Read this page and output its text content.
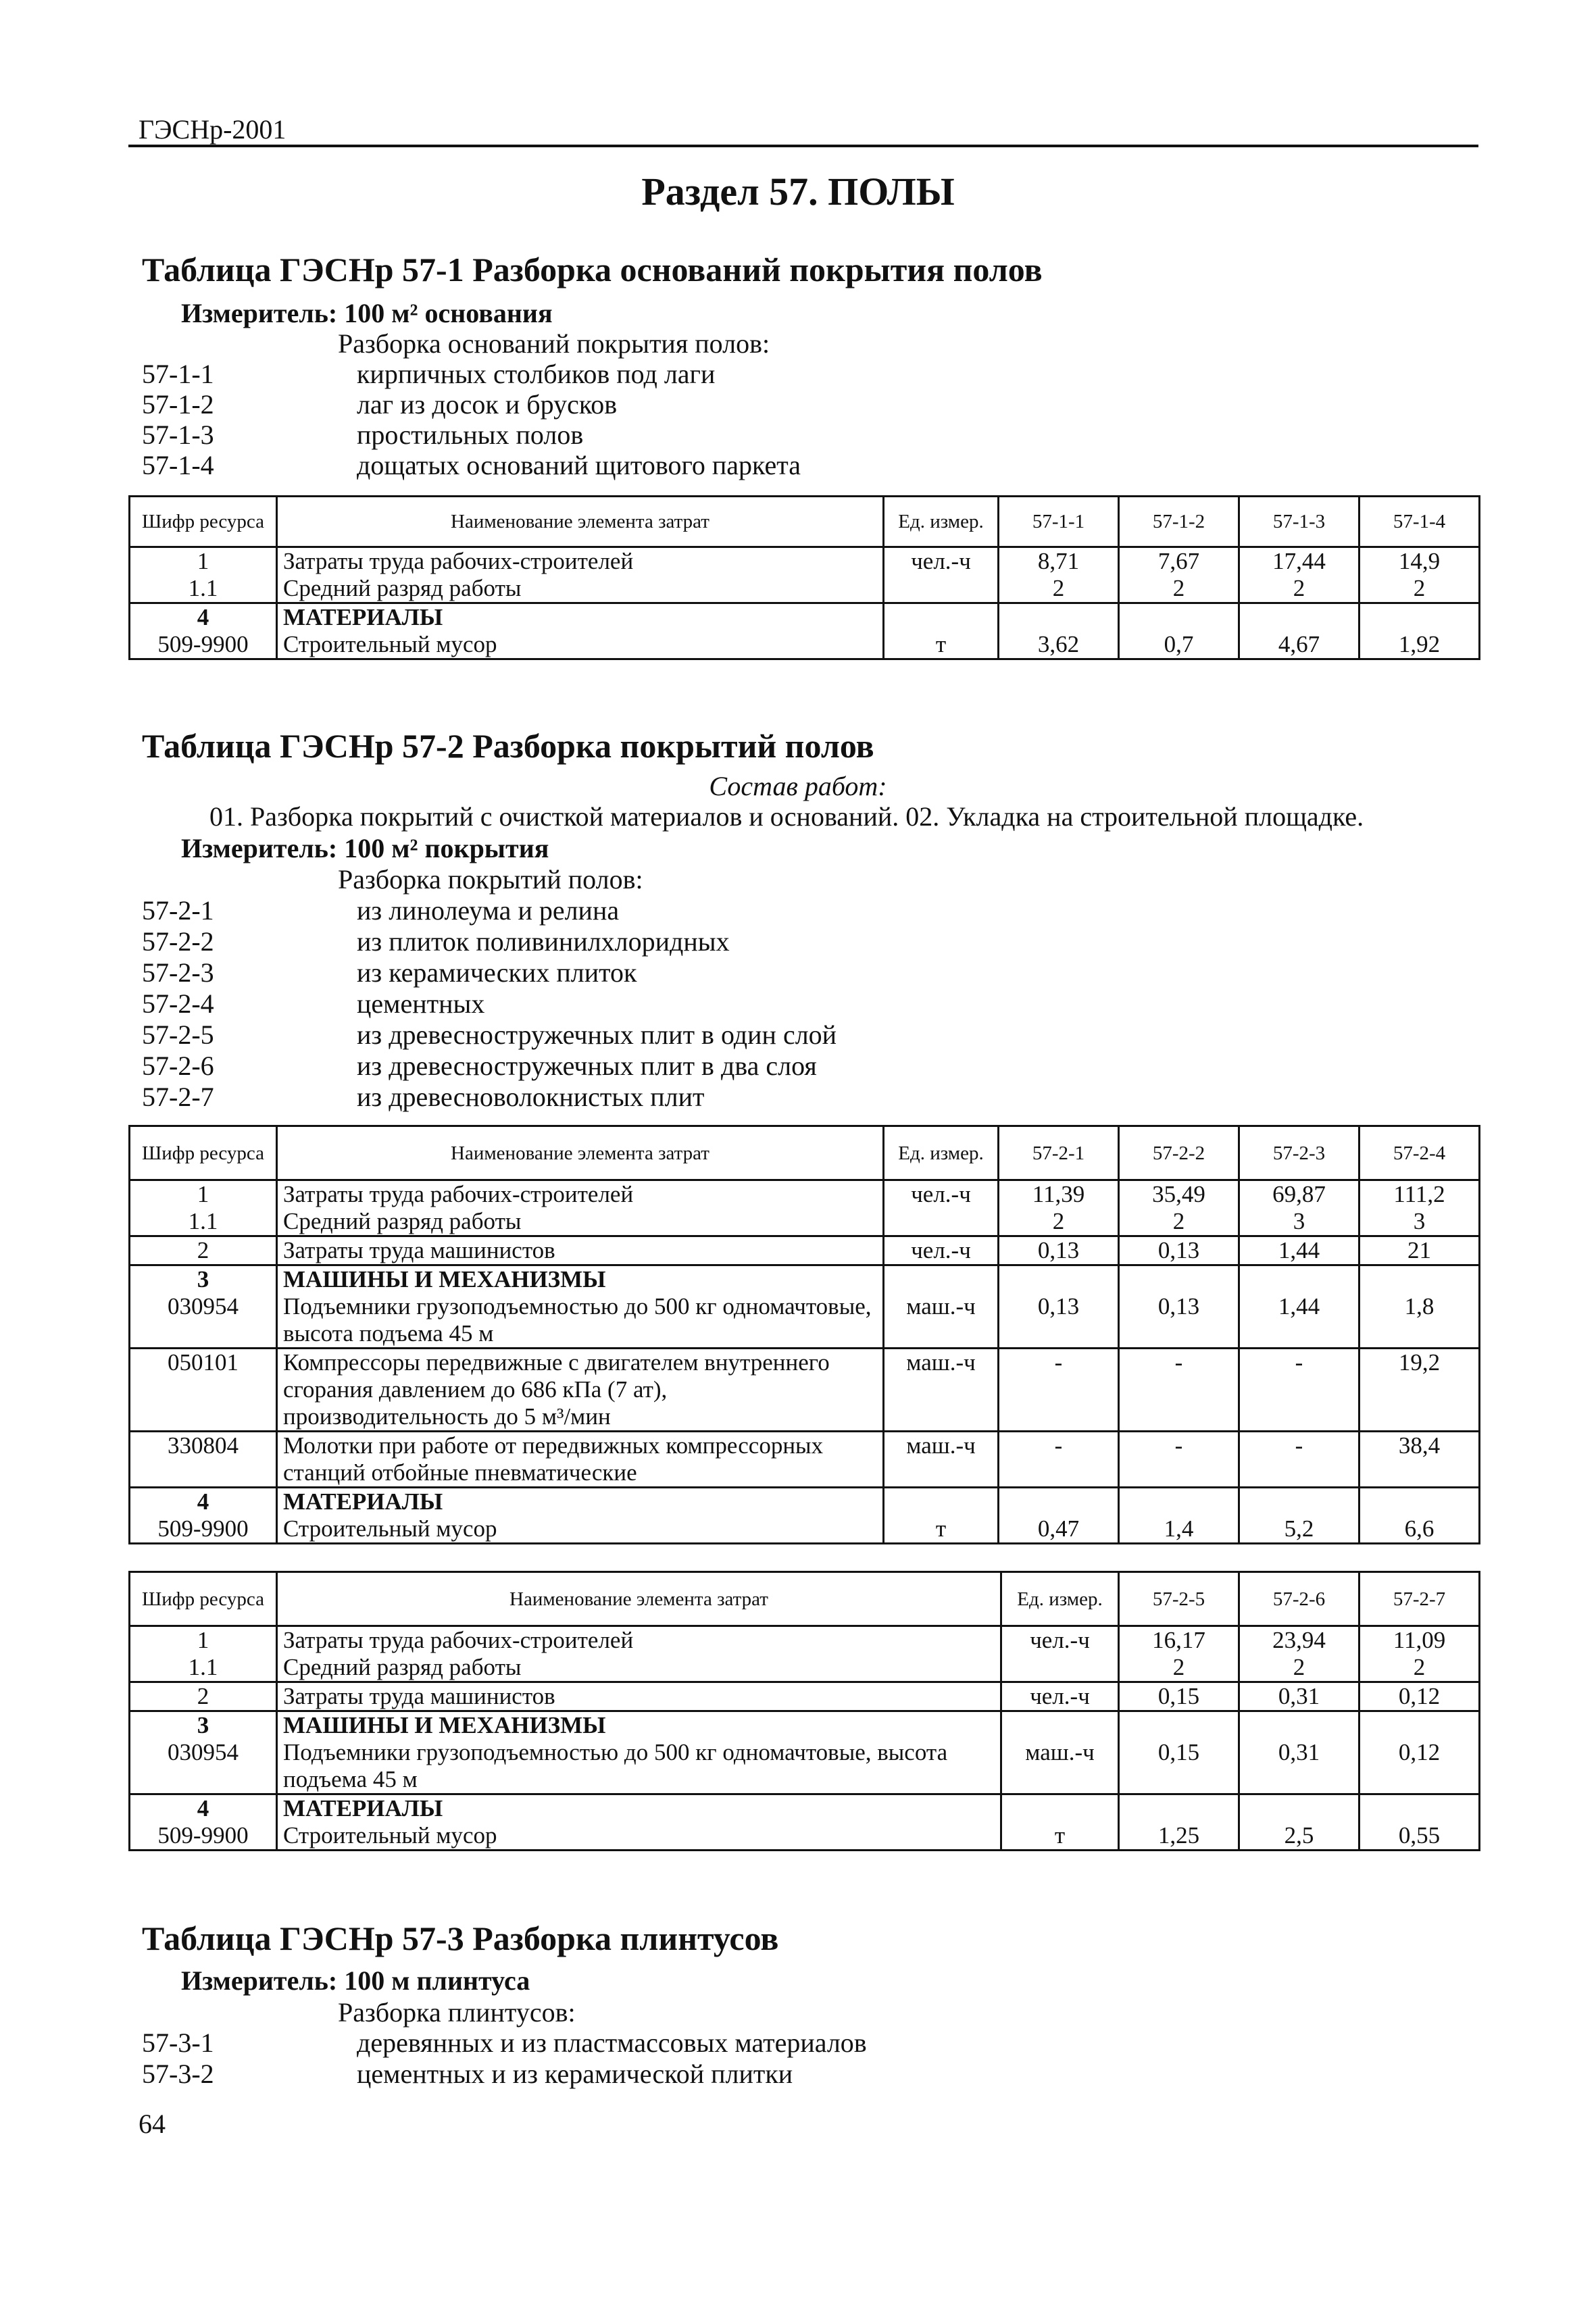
ГЭСНр-2001
Раздел 57. ПОЛЫ
Таблица ГЭСНр 57-1 Разборка оснований покрытия полов
Измеритель: 100 м² основания
Разборка оснований покрытия полов:
57-1-1	кирпичных столбиков под лаги
57-1-2	лаг из досок и брусков
57-1-3	простильных полов
57-1-4	дощатых оснований щитового паркета
Шифр ресурса	Наименование элемента затрат	Ед. измер.	57-1-1	57-1-2	57-1-3	57-1-4
1	Затраты труда рабочих-строителей	чел.-ч	8,71	7,67	17,44	14,9
1.1	Средний разряд работы		2	2	2	2
4	МАТЕРИАЛЫ					
509-9900	Строительный мусор	т	3,62	0,7	4,67	1,92
Таблица ГЭСНр 57-2 Разборка покрытий полов
Состав работ:
01. Разборка покрытий с очисткой материалов и оснований. 02. Укладка на строительной площадке.
Измеритель: 100 м² покрытия
Разборка покрытий полов:
57-2-1	из линолеума и релина
57-2-2	из плиток поливинилхлоридных
57-2-3	из керамических плиток
57-2-4	цементных
57-2-5	из древесностружечных плит в один слой
57-2-6	из древесностружечных плит в два слоя
57-2-7	из древесноволокнистых плит
Шифр ресурса	Наименование элемента затрат	Ед. измер.	57-2-1	57-2-2	57-2-3	57-2-4
1	Затраты труда рабочих-строителей	чел.-ч	11,39	35,49	69,87	111,2
1.1	Средний разряд работы		2	2	3	3
2	Затраты труда машинистов	чел.-ч	0,13	0,13	1,44	21
3	МАШИНЫ И МЕХАНИЗМЫ					
030954	Подъемники грузоподъемностью до 500 кг одномачтовые, высота подъема 45 м	маш.-ч	0,13	0,13	1,44	1,8
050101	Компрессоры передвижные с двигателем внутреннего сгорания давлением до 686 кПа (7 ат), производительность до 5 м³/мин	маш.-ч	-	-	-	19,2
330804	Молотки при работе от передвижных компрессорных станций отбойные пневматические	маш.-ч	-	-	-	38,4
4	МАТЕРИАЛЫ					
509-9900	Строительный мусор	т	0,47	1,4	5,2	6,6
Шифр ресурса	Наименование элемента затрат	Ед. измер.	57-2-5	57-2-6	57-2-7
1	Затраты труда рабочих-строителей	чел.-ч	16,17	23,94	11,09
1.1	Средний разряд работы		2	2	2
2	Затраты труда машинистов	чел.-ч	0,15	0,31	0,12
3	МАШИНЫ И МЕХАНИЗМЫ				
030954	Подъемники грузоподъемностью до 500 кг одномачтовые, высота подъема 45 м	маш.-ч	0,15	0,31	0,12
4	МАТЕРИАЛЫ				
509-9900	Строительный мусор	т	1,25	2,5	0,55
Таблица ГЭСНр 57-3 Разборка плинтусов
Измеритель: 100 м плинтуса
Разборка плинтусов:
57-3-1	деревянных и из пластмассовых материалов
57-3-2	цементных и из керамической плитки
64
